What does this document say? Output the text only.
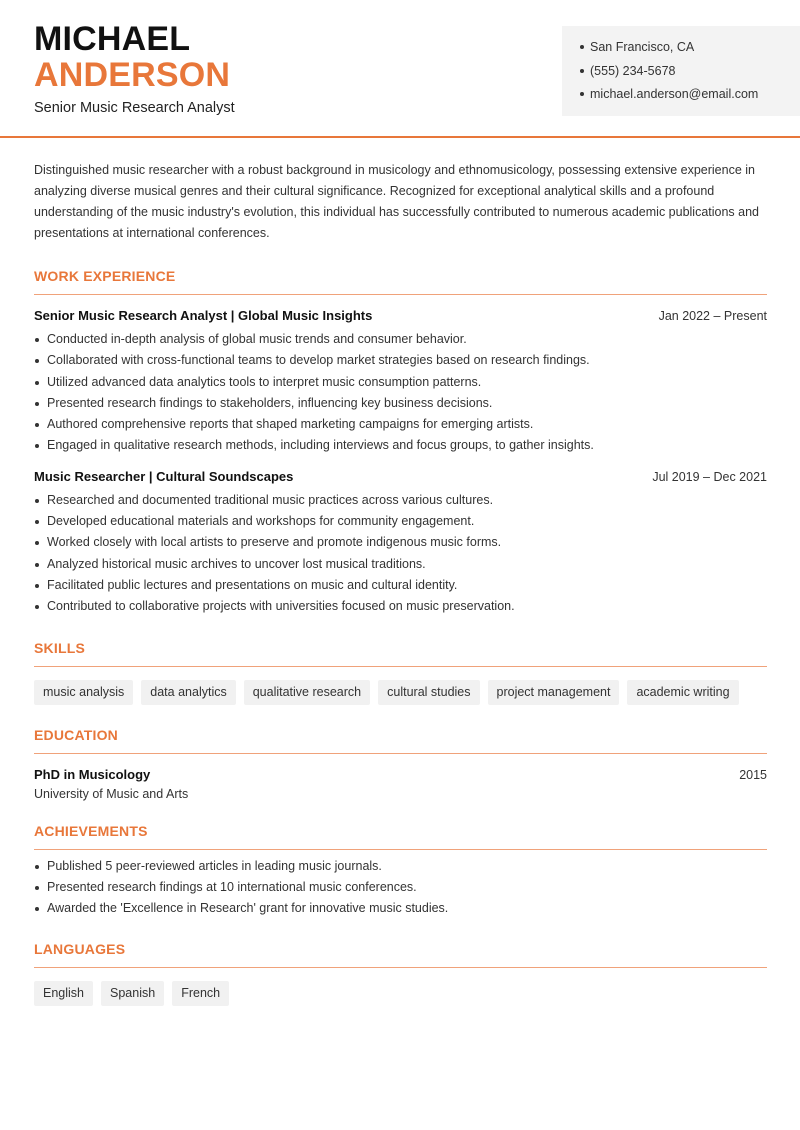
MICHAEL
ANDERSON
Senior Music Research Analyst
San Francisco, CA
(555) 234-5678
michael.anderson@email.com

Distinguished music researcher with a robust background in musicology and ethnomusicology, possessing extensive experience in analyzing diverse musical genres and their cultural significance. Recognized for exceptional analytical skills and a profound understanding of the music industry's evolution, this individual has successfully contributed to numerous academic publications and presentations at international conferences.

WORK EXPERIENCE
Senior Music Research Analyst | Global Music Insights	Jan 2022 – Present
Conducted in-depth analysis of global music trends and consumer behavior.
Collaborated with cross-functional teams to develop market strategies based on research findings.
Utilized advanced data analytics tools to interpret music consumption patterns.
Presented research findings to stakeholders, influencing key business decisions.
Authored comprehensive reports that shaped marketing campaigns for emerging artists.
Engaged in qualitative research methods, including interviews and focus groups, to gather insights.
Music Researcher | Cultural Soundscapes	Jul 2019 – Dec 2021
Researched and documented traditional music practices across various cultures.
Developed educational materials and workshops for community engagement.
Worked closely with local artists to preserve and promote indigenous music forms.
Analyzed historical music archives to uncover lost musical traditions.
Facilitated public lectures and presentations on music and cultural identity.
Contributed to collaborative projects with universities focused on music preservation.
SKILLS
music analysis	data analytics	qualitative research	cultural studies	project management	academic writing
EDUCATION
PhD in Musicology	2015
University of Music and Arts
ACHIEVEMENTS
Published 5 peer-reviewed articles in leading music journals.
Presented research findings at 10 international music conferences.
Awarded the 'Excellence in Research' grant for innovative music studies.
LANGUAGES
English	Spanish	French
